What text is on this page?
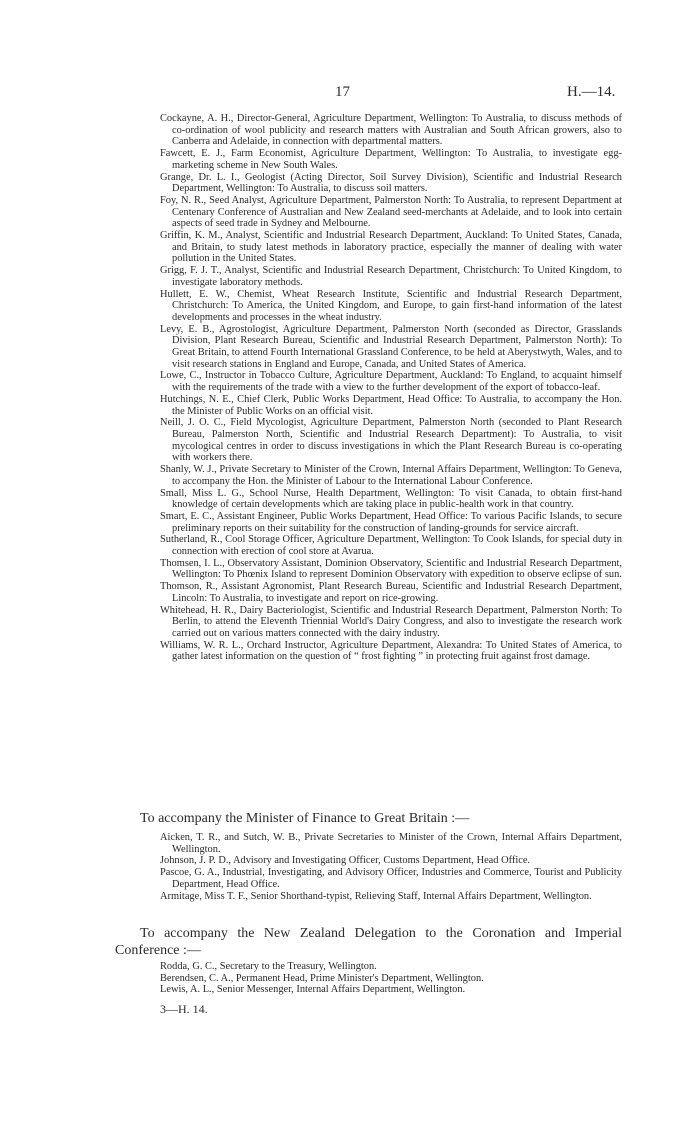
17	H.—14.

Cockayne, A. H., Director-General, Agriculture Department, Wellington: To Australia, to discuss methods of co-ordination of wool publicity and research matters with Australian and South African growers, also to Canberra and Adelaide, in connection with departmental matters.

Fawcett, E. J., Farm Economist, Agriculture Department, Wellington: To Australia, to investigate egg-marketing scheme in New South Wales.

Grange, Dr. L. I., Geologist (Acting Director, Soil Survey Division), Scientific and Industrial Research Department, Wellington: To Australia, to discuss soil matters.

Foy, N. R., Seed Analyst, Agriculture Department, Palmerston North: To Australia, to represent Department at Centenary Conference of Australian and New Zealand seed-merchants at Adelaide, and to look into certain aspects of seed trade in Sydney and Melbourne.

Griffin, K. M., Analyst, Scientific and Industrial Research Department, Auckland: To United States, Canada, and Britain, to study latest methods in laboratory practice, especially the manner of dealing with water pollution in the United States.

Grigg, F. J. T., Analyst, Scientific and Industrial Research Department, Christchurch: To United Kingdom, to investigate laboratory methods.

Hullett, E. W., Chemist, Wheat Research Institute, Scientific and Industrial Research Department, Christchurch: To America, the United Kingdom, and Europe, to gain first-hand information of the latest developments and processes in the wheat industry.

Levy, E. B., Agrostologist, Agriculture Department, Palmerston North (seconded as Director, Grasslands Division, Plant Research Bureau, Scientific and Industrial Research Department, Palmerston North): To Great Britain, to attend Fourth International Grassland Conference, to be held at Aberystwyth, Wales, and to visit research stations in England and Europe, Canada, and United States of America.

Lowe, C., Instructor in Tobacco Culture, Agriculture Department, Auckland: To England, to acquaint himself with the requirements of the trade with a view to the further development of the export of tobacco-leaf.

Hutchings, N. E., Chief Clerk, Public Works Department, Head Office: To Australia, to accompany the Hon. the Minister of Public Works on an official visit.

Neill, J. O. C., Field Mycologist, Agriculture Department, Palmerston North (seconded to Plant Research Bureau, Palmerston North, Scientific and Industrial Research Department): To Australia, to visit mycological centres in order to discuss investigations in which the Plant Research Bureau is co-operating with workers there.

Shanly, W. J., Private Secretary to Minister of the Crown, Internal Affairs Department, Wellington: To Geneva, to accompany the Hon. the Minister of Labour to the International Labour Conference.

Small, Miss L. G., School Nurse, Health Department, Wellington: To visit Canada, to obtain first-hand knowledge of certain developments which are taking place in public-health work in that country.

Smart, E. C., Assistant Engineer, Public Works Department, Head Office: To various Pacific Islands, to secure preliminary reports on their suitability for the construction of landing-grounds for service aircraft.

Sutherland, R., Cool Storage Officer, Agriculture Department, Wellington: To Cook Islands, for special duty in connection with erection of cool store at Avarua.

Thomsen, I. L., Observatory Assistant, Dominion Observatory, Scientific and Industrial Research Department, Wellington: To Phœnix Island to represent Dominion Observatory with expedition to observe eclipse of sun.

Thomson, R., Assistant Agronomist, Plant Research Bureau, Scientific and Industrial Research Department, Lincoln: To Australia, to investigate and report on rice-growing.

Whitehead, H. R., Dairy Bacteriologist, Scientific and Industrial Research Department, Palmerston North: To Berlin, to attend the Eleventh Triennial World's Dairy Congress, and also to investigate the research work carried out on various matters connected with the dairy industry.

Williams, W. R. L., Orchard Instructor, Agriculture Department, Alexandra: To United States of America, to gather latest information on the question of “ frost fighting ” in protecting fruit against frost damage.

To accompany the Minister of Finance to Great Britain :—

Aicken, T. R., and Sutch, W. B., Private Secretaries to Minister of the Crown, Internal Affairs Department, Wellington.

Johnson, J. P. D., Advisory and Investigating Officer, Customs Department, Head Office.

Pascoe, G. A., Industrial, Investigating, and Advisory Officer, Industries and Commerce, Tourist and Publicity Department, Head Office.

Armitage, Miss T. F., Senior Shorthand-typist, Relieving Staff, Internal Affairs Department, Wellington.

To accompany the New Zealand Delegation to the Coronation and Imperial Conference :—

Rodda, G. C., Secretary to the Treasury, Wellington.

Berendsen, C. A., Permanent Head, Prime Minister's Department, Wellington.

Lewis, A. L., Senior Messenger, Internal Affairs Department, Wellington.

3—H. 14.
